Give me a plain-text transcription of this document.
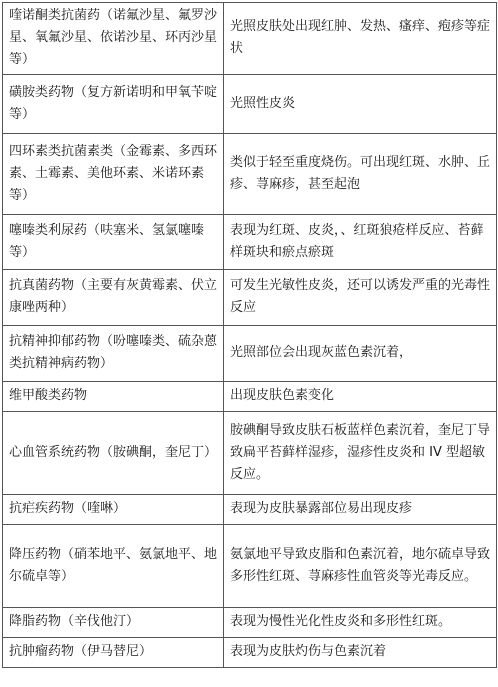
喹诺酮类抗菌药（诺氟沙星、氟罗沙星、氧氟沙星、依诺沙星、环丙沙星等）	光照皮肤处出现红肿、发热、瘙痒、疱疹等症状
磺胺类药物（复方新诺明和甲氧苄啶等）	光照性皮炎
四环素类抗菌素类（金霉素、多西环素、土霉素、美他环素、米诺环素等）	类似于轻至重度烧伤。可出现红斑、水肿、丘疹、荨麻疹，甚至起泡
噻嗪类利尿药（呋塞米、氢氯噻嗪等）	表现为红斑、皮炎，、红斑狼疮样反应、苔藓样斑块和瘀点瘀斑
抗真菌药物（主要有灰黄霉素、伏立康唑两种）	可发生光敏性皮炎，还可以诱发严重的光毒性反应
抗精神抑郁药物（吩噻嗪类、硫杂蒽类抗精神病药物）	光照部位会出现灰蓝色素沉着，
维甲酸类药物	出现皮肤色素变化
心血管系统药物（胺碘酮，奎尼丁）	胺碘酮导致皮肤石板蓝样色素沉着，奎尼丁导致扁平苔藓样湿疹，湿疹性皮炎和 IV 型超敏反应。
抗疟疾药物（喹啉）	表现为皮肤暴露部位易出现皮疹
降压药物（硝苯地平、氨氯地平、地尔硫卓等）	氨氯地平导致皮脂和色素沉着，地尔硫卓导致多形性红斑、荨麻疹性血管炎等光毒反应。
降脂药物（辛伐他汀）	表现为慢性光化性皮炎和多形性红斑。
抗肿瘤药物（伊马替尼）	表现为皮肤灼伤与色素沉着
